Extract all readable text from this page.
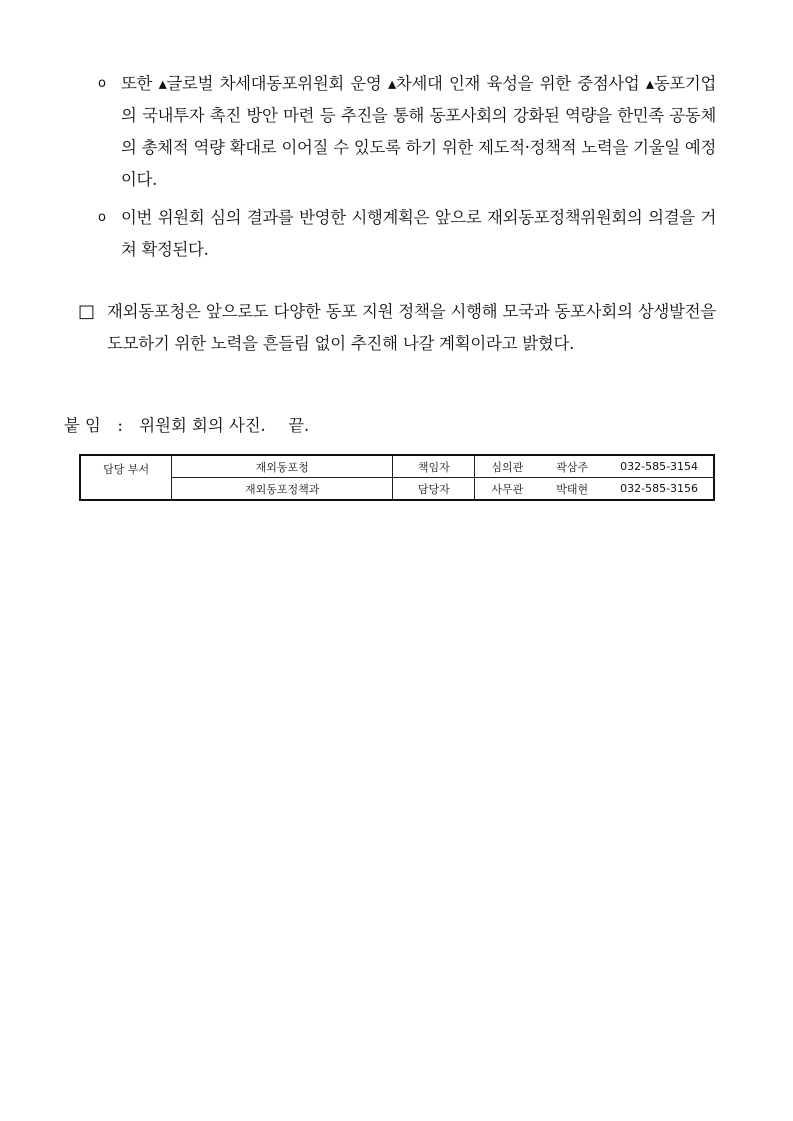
o 또한 ▴글로벌 차세대동포위원회 운영 ▴차세대 인재 육성을 위한 중점사업 ▴동포기업의 국내투자 촉진 방안 마련 등 추진을 통해 동포사회의 강화된 역량을 한민족 공동체의 총체적 역량 확대로 이어질 수 있도록 하기 위한 제도적·정책적 노력을 기울일 예정이다.
o 이번 위원회 심의 결과를 반영한 시행계획은 앞으로 재외동포정책위원회의 의결을 거쳐 확정된다.
□ 재외동포청은 앞으로도 다양한 동포 지원 정책을 시행해 모국과 동포사회의 상생발전을 도모하기 위한 노력을 흔들림 없이 추진해 나갈 계획이라고 밝혔다.
붙 임 : 위원회 회의 사진. 끝.
담당 부서	재외동포청	책임자	심의관	곽삼주	032-585-3154
	재외동포정책과	담당자	사무관	박태현	032-585-3156
